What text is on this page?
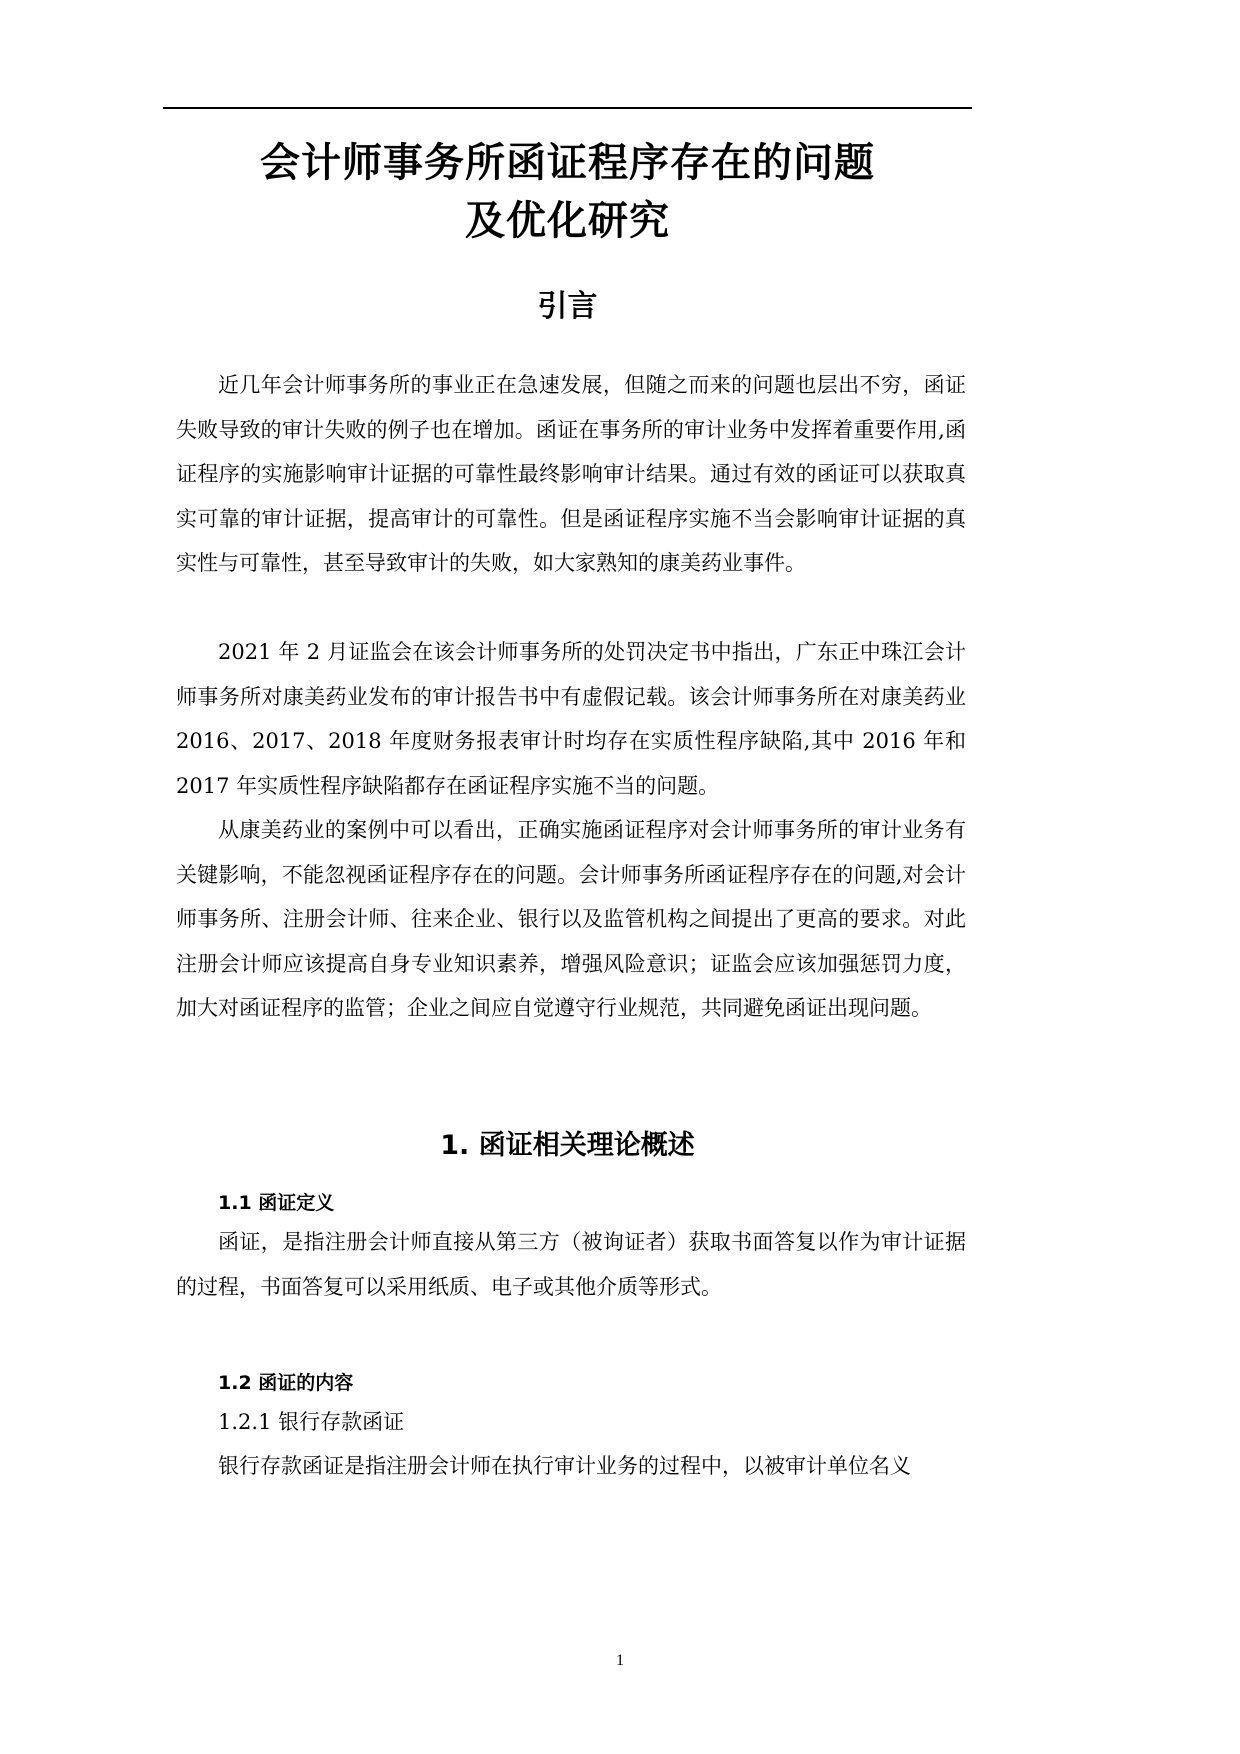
会计师事务所函证程序存在的问题
及优化研究
引言

近几年会计师事务所的事业正在急速发展，但随之而来的问题也层出不穷，函证失败导致的审计失败的例子也在增加。函证在事务所的审计业务中发挥着重要作用,函证程序的实施影响审计证据的可靠性最终影响审计结果。通过有效的函证可以获取真实可靠的审计证据，提高审计的可靠性。但是函证程序实施不当会影响审计证据的真实性与可靠性，甚至导致审计的失败，如大家熟知的康美药业事件。

2021 年 2 月证监会在该会计师事务所的处罚决定书中指出，广东正中珠江会计师事务所对康美药业发布的审计报告书中有虚假记载。该会计师事务所在对康美药业 2016、2017、2018 年度财务报表审计时均存在实质性程序缺陷,其中 2016 年和 2017 年实质性程序缺陷都存在函证程序实施不当的问题。

从康美药业的案例中可以看出，正确实施函证程序对会计师事务所的审计业务有关键影响，不能忽视函证程序存在的问题。会计师事务所函证程序存在的问题,对会计师事务所、注册会计师、往来企业、银行以及监管机构之间提出了更高的要求。对此注册会计师应该提高自身专业知识素养，增强风险意识；证监会应该加强惩罚力度，加大对函证程序的监管；企业之间应自觉遵守行业规范，共同避免函证出现问题。

1. 函证相关理论概述
1.1 函证定义

函证，是指注册会计师直接从第三方（被询证者）获取书面答复以作为审计证据的过程，书面答复可以采用纸质、电子或其他介质等形式。

1.2 函证的内容
1.2.1 银行存款函证
银行存款函证是指注册会计师在执行审计业务的过程中，以被审计单位名义
1
